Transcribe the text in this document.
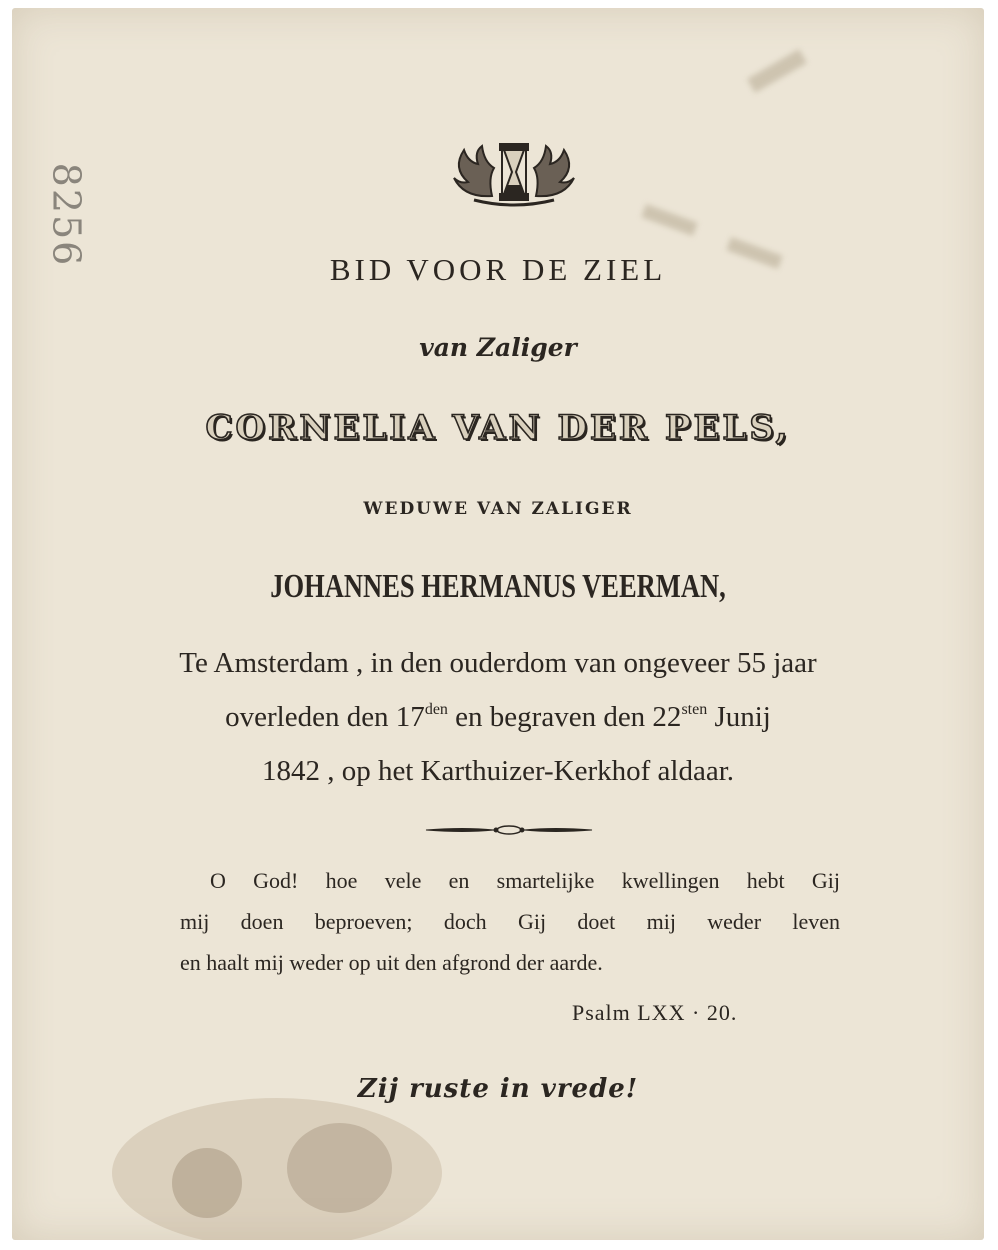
8256
BID VOOR DE ZIEL
van Zaliger
CORNELIA VAN DER PELS,
WEDUWE VAN ZALIGER
JOHANNES HERMANUS VEERMAN,
Te Amsterdam , in den ouderdom van ongeveer 55 jaar
overleden den $17^{den}$ en begraven den $22^{sten}$ Junij
1842 , op het Karthuizer-Kerkhof aldaar.
O God! hoe vele en smartelijke kwellingen hebt Gij
mij doen beproeven; doch Gij doet mij weder leven
en haalt mij weder op uit den afgrond der aarde.
Psalm LXX · 20.
Zij ruste in vrede!
